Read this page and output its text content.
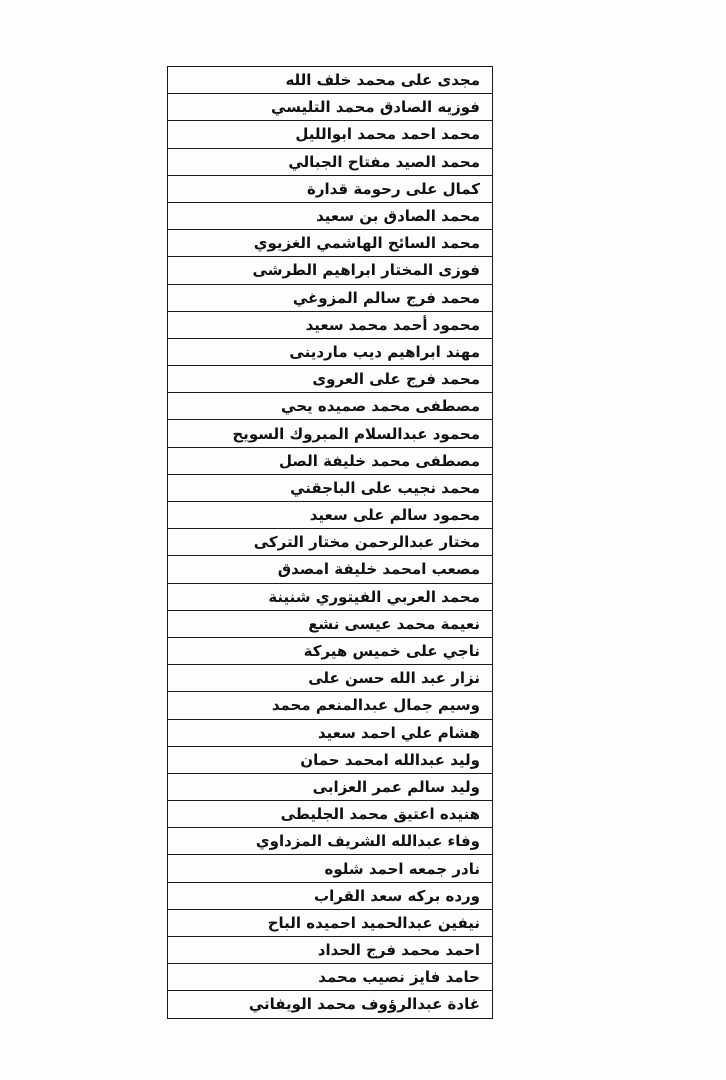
مجدى على محمد خلف الله
فوزيه الصادق محمد التليسي
محمد احمد محمد ابوالليل
محمد الصيد مفتاح الجبالي
كمال على رحومة قدارة
محمد الصادق بن سعيد
محمد السائح الهاشمي الغزيوي
فوزى المختار ابراهيم الطرشى
محمد فرج سالم المزوغي
محمود أحمد محمد سعيد
مهند ابراهيم ديب ماردينى
محمد فرج على العروى
مصطفى محمد صميده يحي
محمود عبدالسلام المبروك السويح
مصطفى محمد خليفة الصل
محمد نجيب على الباجقني
محمود سالم على سعيد
مختار عبدالرحمن مختار التركى
مصعب امحمد خليفة امصدق
محمد العربي الفيتوري شنينة
نعيمة محمد عيسى نشع
ناجي على خميس هيركة
نزار عبد الله حسن على
وسيم جمال عبدالمنعم محمد
هشام علي احمد سعيد
وليد عبدالله امحمد حمان
وليد سالم عمر العزابى
هنيده اعتيق محمد الجليطى
وفاء عبدالله الشريف المزداوي
نادر جمعه احمد شلوه
ورده بركه سعد القراب
نيفين عبدالحميد احميده الباح
احمد محمد فرج الحداد
حامد فايز نصيب محمد
غادة عبدالرؤوف محمد الويفاتي
